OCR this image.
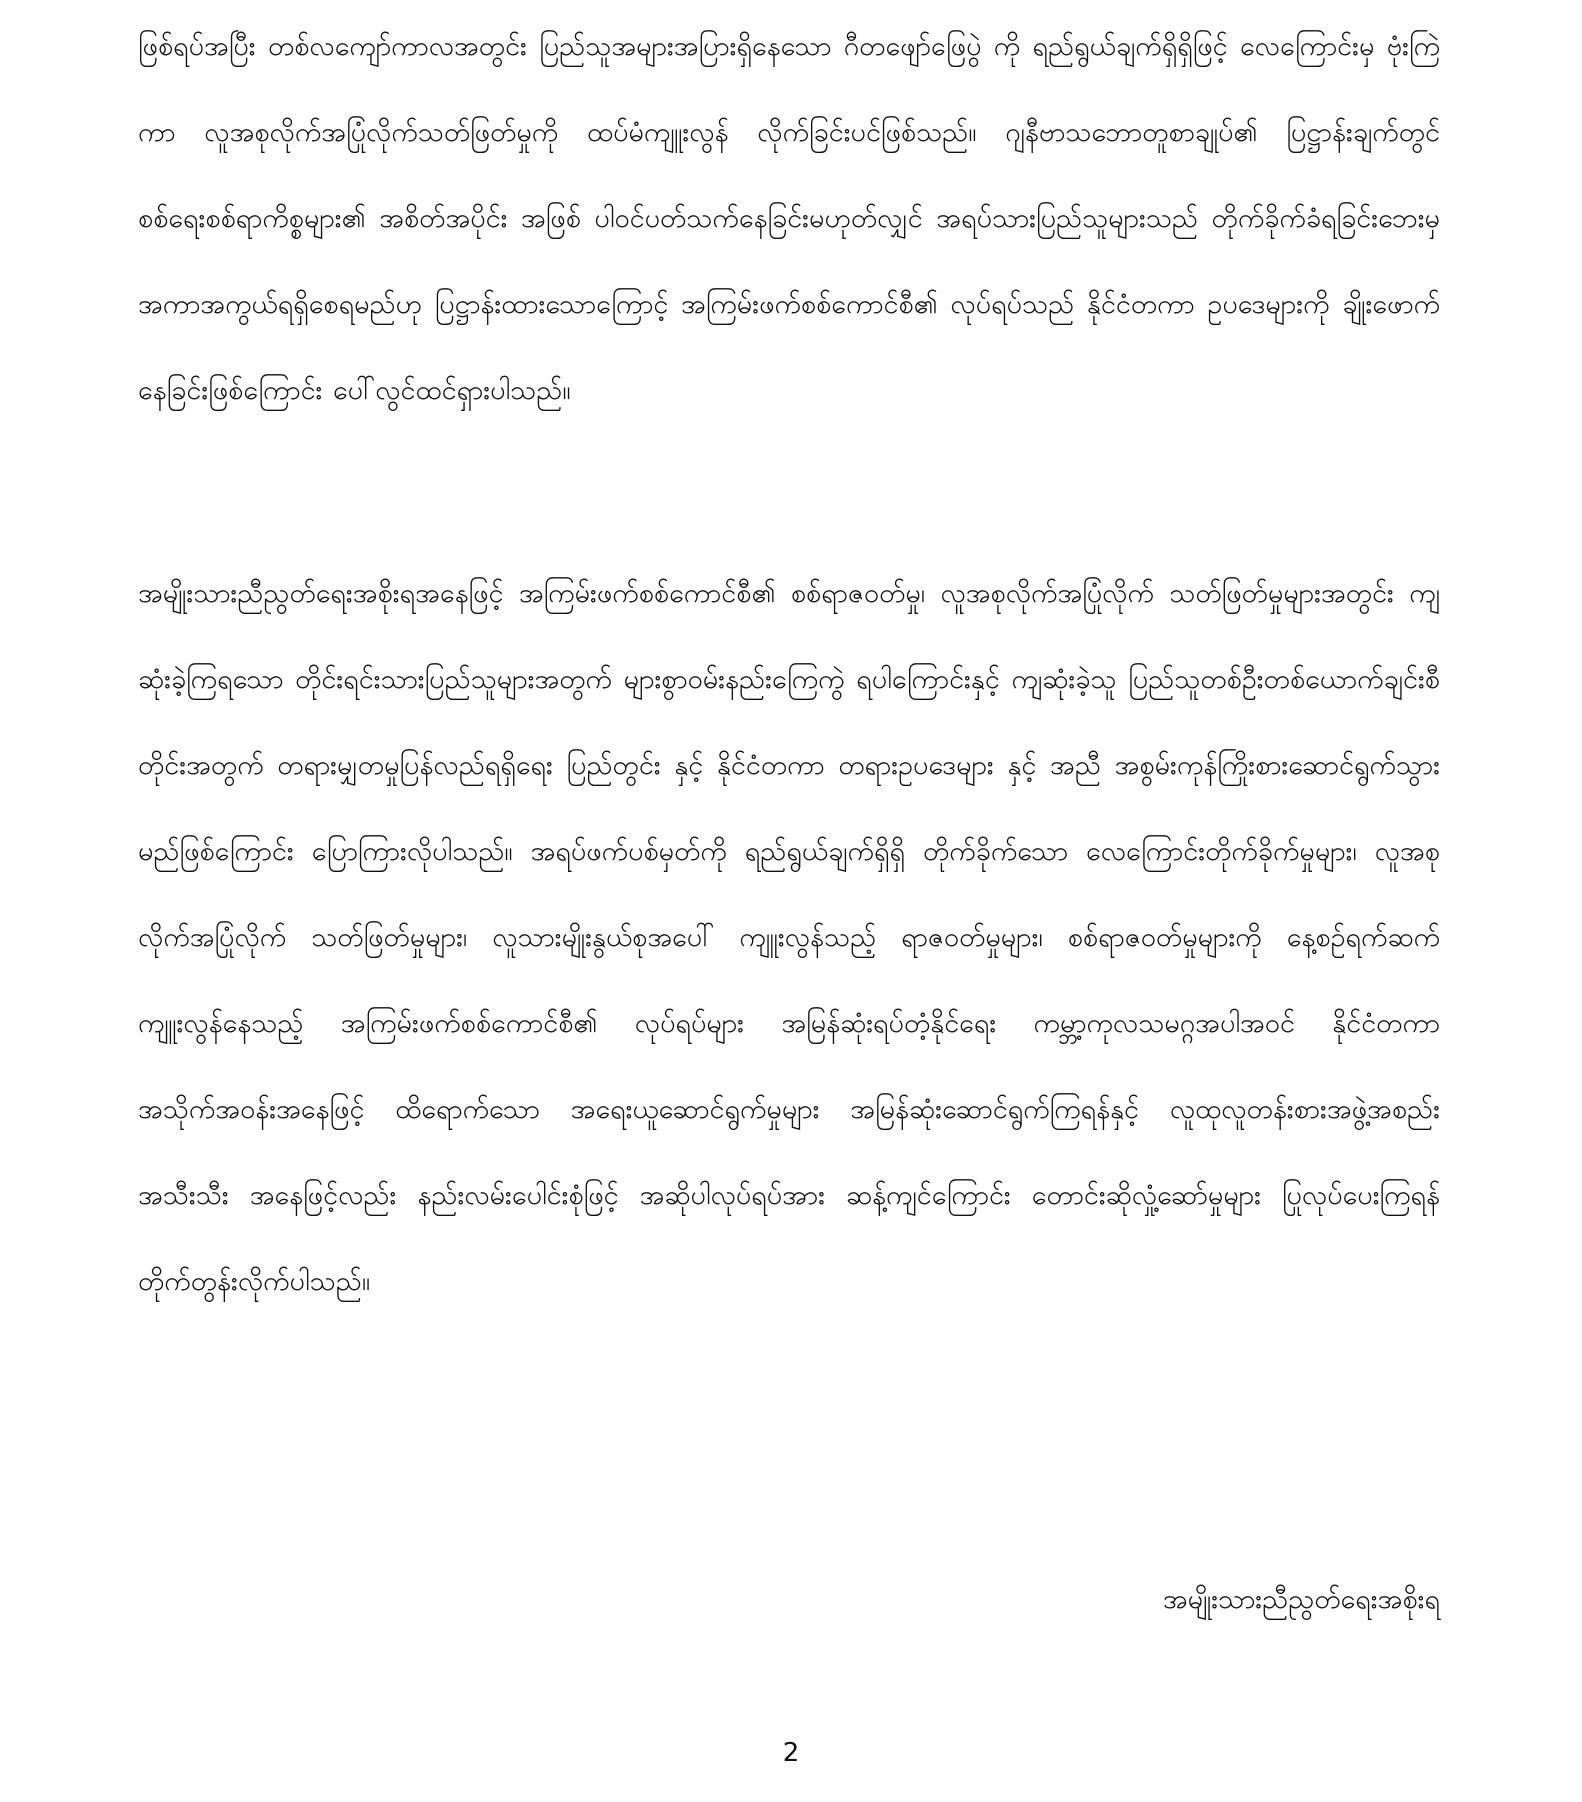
ဖြစ်ရပ်အပြီး တစ်လကျော်ကာလအတွင်း ပြည်သူအများအပြားရှိနေသော ဂီတဖျော်ဖြေပွဲ ကို ရည်ရွယ်ချက်ရှိရှိဖြင့် လေကြောင်းမှ ဗုံးကြဲကာ လူအစုလိုက်အပြုံလိုက်သတ်ဖြတ်မှုကို ထပ်မံကျူးလွန် လိုက်ခြင်းပင်ဖြစ်သည်။ ဂျနီဗာသဘောတူစာချုပ်၏ ပြဋ္ဌာန်းချက်တွင် စစ်ရေးစစ်ရာကိစ္စများ၏ အစိတ်အပိုင်း အဖြစ် ပါဝင်ပတ်သက်နေခြင်းမဟုတ်လျှင် အရပ်သားပြည်သူများသည် တိုက်ခိုက်ခံရခြင်းဘေးမှ အကာအကွယ်ရရှိစေရမည်ဟု ပြဋ္ဌာန်းထားသောကြောင့် အကြမ်းဖက်စစ်ကောင်စီ၏ လုပ်ရပ်သည် နိုင်ငံတကာ ဥပဒေများကို ချိုးဖောက်နေခြင်းဖြစ်ကြောင်း ပေါ်လွင်ထင်ရှားပါသည်။

အမျိုးသားညီညွတ်ရေးအစိုးရအနေဖြင့် အကြမ်းဖက်စစ်ကောင်စီ၏ စစ်ရာဇဝတ်မှု၊ လူအစုလိုက်အပြုံလိုက် သတ်ဖြတ်မှုများအတွင်း ကျဆုံးခဲ့ကြရသော တိုင်းရင်းသားပြည်သူများအတွက် များစွာဝမ်းနည်းကြေကွဲ ရပါကြောင်းနှင့် ကျဆုံးခဲ့သူ ပြည်သူတစ်ဦးတစ်ယောက်ချင်းစီတိုင်းအတွက် တရားမျှတမှုပြန်လည်ရရှိရေး ပြည်တွင်း နှင့် နိုင်ငံတကာ တရားဥပဒေများ နှင့် အညီ အစွမ်းကုန်ကြိုးစားဆောင်ရွက်သွားမည်ဖြစ်ကြောင်း ပြောကြားလိုပါသည်။ အရပ်ဖက်ပစ်မှတ်ကို ရည်ရွယ်ချက်ရှိရှိ တိုက်ခိုက်သော လေကြောင်းတိုက်ခိုက်မှုများ၊ လူအစုလိုက်အပြုံလိုက် သတ်ဖြတ်မှုများ၊ လူသားမျိုးနွယ်စုအပေါ် ကျူးလွန်သည့် ရာဇဝတ်မှုများ၊ စစ်ရာဇဝတ်မှုများကို နေ့စဉ်ရက်ဆက် ကျူးလွန်နေသည့် အကြမ်းဖက်စစ်ကောင်စီ၏ လုပ်ရပ်များ အမြန်ဆုံးရပ်တံ့နိုင်ရေး ကမ္ဘာ့ကုလသမဂ္ဂအပါအဝင် နိုင်ငံတကာအသိုက်အဝန်းအနေဖြင့် ထိရောက်သော အရေးယူဆောင်ရွက်မှုများ အမြန်ဆုံးဆောင်ရွက်ကြရန်နှင့် လူထုလူတန်းစားအဖွဲ့အစည်း အသီးသီး အနေဖြင့်လည်း နည်းလမ်းပေါင်းစုံဖြင့် အဆိုပါလုပ်ရပ်အား ဆန့်ကျင်ကြောင်း တောင်းဆိုလှုံ့ဆော်မှုများ ပြုလုပ်ပေးကြရန် တိုက်တွန်းလိုက်ပါသည်။

အမျိုးသားညီညွတ်ရေးအစိုးရ
2
